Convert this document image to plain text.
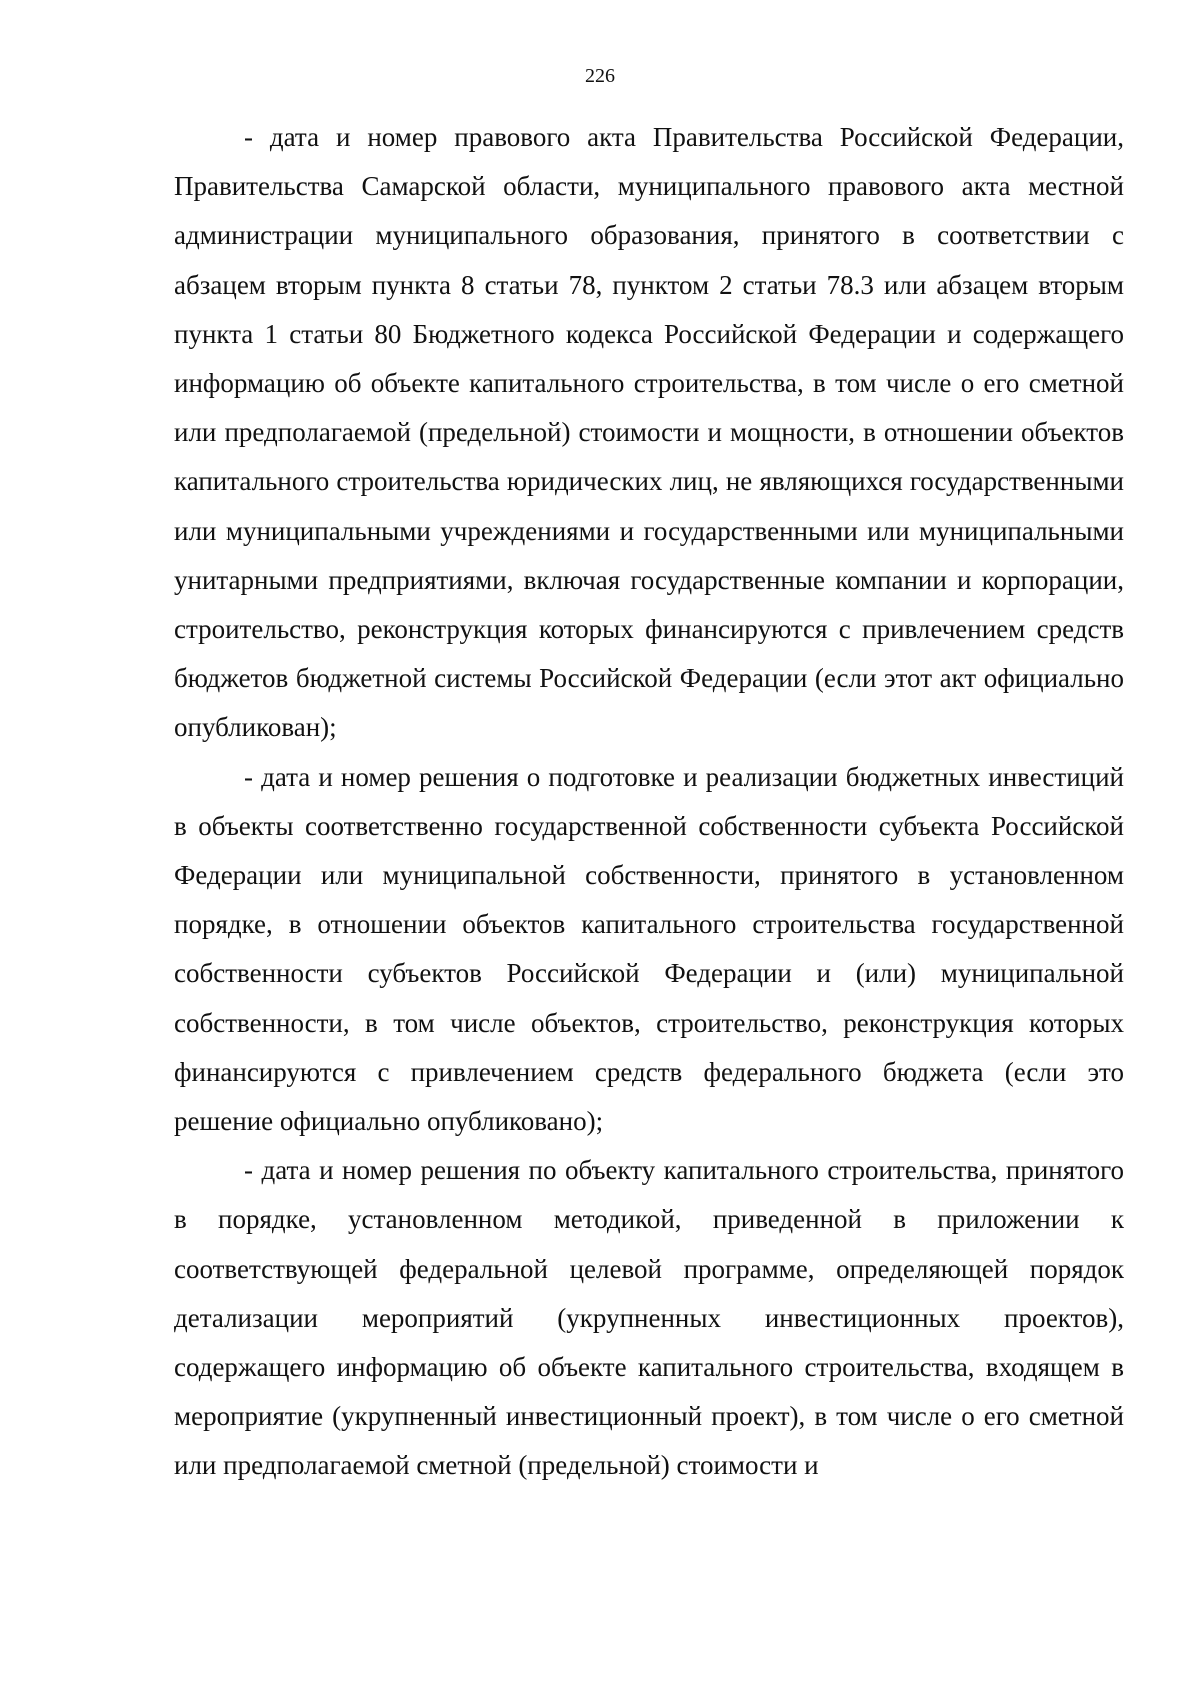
226

- дата и номер правового акта Правительства Российской Федерации, Правительства Самарской области, муниципального правового акта местной администрации муниципального образования, принятого в соответствии с абзацем вторым пункта 8 статьи 78, пунктом 2 статьи 78.3 или абзацем вторым пункта 1 статьи 80 Бюджетного кодекса Российской Федерации и содержащего информацию об объекте капитального строительства, в том числе о его сметной или предполагаемой (предельной) стоимости и мощности, в отношении объектов капитального строительства юридических лиц, не являющихся государственными или муниципальными учреждениями и государственными или муниципальными унитарными предприятиями, включая государственные компании и корпорации, строительство, реконструкция которых финансируются с привлечением средств бюджетов бюджетной системы Российской Федерации (если этот акт официально опубликован);

- дата и номер решения о подготовке и реализации бюджетных инвестиций в объекты соответственно государственной собственности субъекта Российской Федерации или муниципальной собственности, принятого в установленном порядке, в отношении объектов капитального строительства государственной собственности субъектов Российской Федерации и (или) муниципальной собственности, в том числе объектов, строительство, реконструкция которых финансируются с привлечением средств федерального бюджета (если это решение официально опубликовано);

- дата и номер решения по объекту капитального строительства, принятого в порядке, установленном методикой, приведенной в приложении к соответствующей федеральной целевой программе, определяющей порядок детализации мероприятий (укрупненных инвестиционных проектов), содержащего информацию об объекте капитального строительства, входящем в мероприятие (укрупненный инвестиционный проект), в том числе о его сметной или предполагаемой сметной (предельной) стоимости и
